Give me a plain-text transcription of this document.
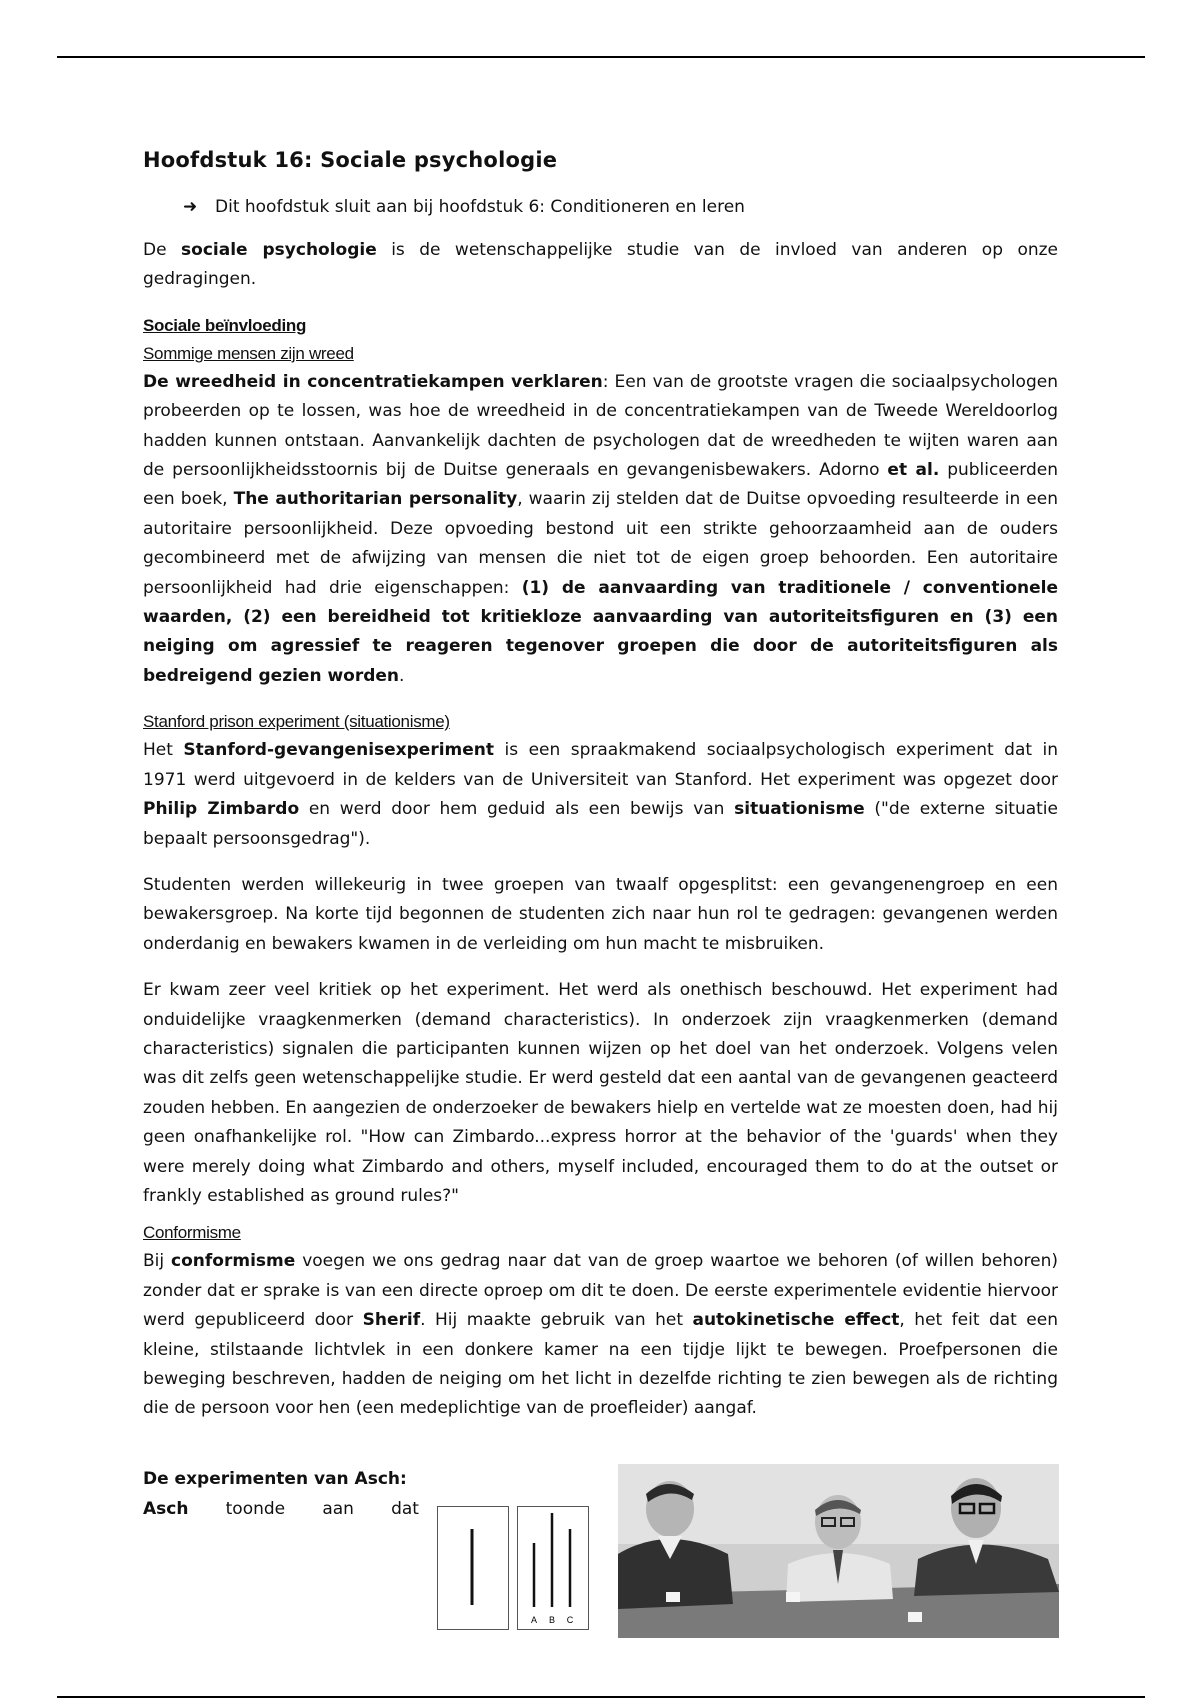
Hoofdstuk 16: Sociale psychologie
➜ Dit hoofdstuk sluit aan bij hoofdstuk 6: Conditioneren en leren

De sociale psychologie is de wetenschappelijke studie van de invloed van anderen op onze gedragingen.

Sociale beïnvloeding
Sommige mensen zijn wreed

De wreedheid in concentratiekampen verklaren: Een van de grootste vragen die sociaalpsychologen probeerden op te lossen, was hoe de wreedheid in de concentratiekampen van de Tweede Wereldoorlog hadden kunnen ontstaan. Aanvankelijk dachten de psychologen dat de wreedheden te wijten waren aan de persoonlijkheidsstoornis bij de Duitse generaals en gevangenisbewakers. Adorno et al. publiceerden een boek, The authoritarian personality, waarin zij stelden dat de Duitse opvoeding resulteerde in een autoritaire persoonlijkheid. Deze opvoeding bestond uit een strikte gehoorzaamheid aan de ouders gecombineerd met de afwijzing van mensen die niet tot de eigen groep behoorden. Een autoritaire persoonlijkheid had drie eigenschappen: (1) de aanvaarding van traditionele / conventionele waarden, (2) een bereidheid tot kritiekloze aanvaarding van autoriteitsfiguren en (3) een neiging om agressief te reageren tegenover groepen die door de autoriteitsfiguren als bedreigend gezien worden.

Stanford prison experiment (situationisme)

Het Stanford-gevangenisexperiment is een spraakmakend sociaalpsychologisch experiment dat in 1971 werd uitgevoerd in de kelders van de Universiteit van Stanford. Het experiment was opgezet door Philip Zimbardo en werd door hem geduid als een bewijs van situationisme ("de externe situatie bepaalt persoonsgedrag").

Studenten werden willekeurig in twee groepen van twaalf opgesplitst: een gevangenengroep en een bewakersgroep. Na korte tijd begonnen de studenten zich naar hun rol te gedragen: gevangenen werden onderdanig en bewakers kwamen in de verleiding om hun macht te misbruiken.

Er kwam zeer veel kritiek op het experiment. Het werd als onethisch beschouwd. Het experiment had onduidelijke vraagkenmerken (demand characteristics). In onderzoek zijn vraagkenmerken (demand characteristics) signalen die participanten kunnen wijzen op het doel van het onderzoek. Volgens velen was dit zelfs geen wetenschappelijke studie. Er werd gesteld dat een aantal van de gevangenen geacteerd zouden hebben. En aangezien de onderzoeker de bewakers hielp en vertelde wat ze moesten doen, had hij geen onafhankelijke rol. "How can Zimbardo...express horror at the behavior of the 'guards' when they were merely doing what Zimbardo and others, myself included, encouraged them to do at the outset or frankly established as ground rules?"

Conformisme

Bij conformisme voegen we ons gedrag naar dat van de groep waartoe we behoren (of willen behoren) zonder dat er sprake is van een directe oproep om dit te doen. De eerste experimentele evidentie hiervoor werd gepubliceerd door Sherif. Hij maakte gebruik van het autokinetische effect, het feit dat een kleine, stilstaande lichtvlek in een donkere kamer na een tijdje lijkt te bewegen. Proefpersonen die beweging beschreven, hadden de neiging om het licht in dezelfde richting te zien bewegen als de richting die de persoon voor hen (een medeplichtige van de proefleider) aangaf.

De experimenten van Asch:
Asch toonde aan dat
A B C
